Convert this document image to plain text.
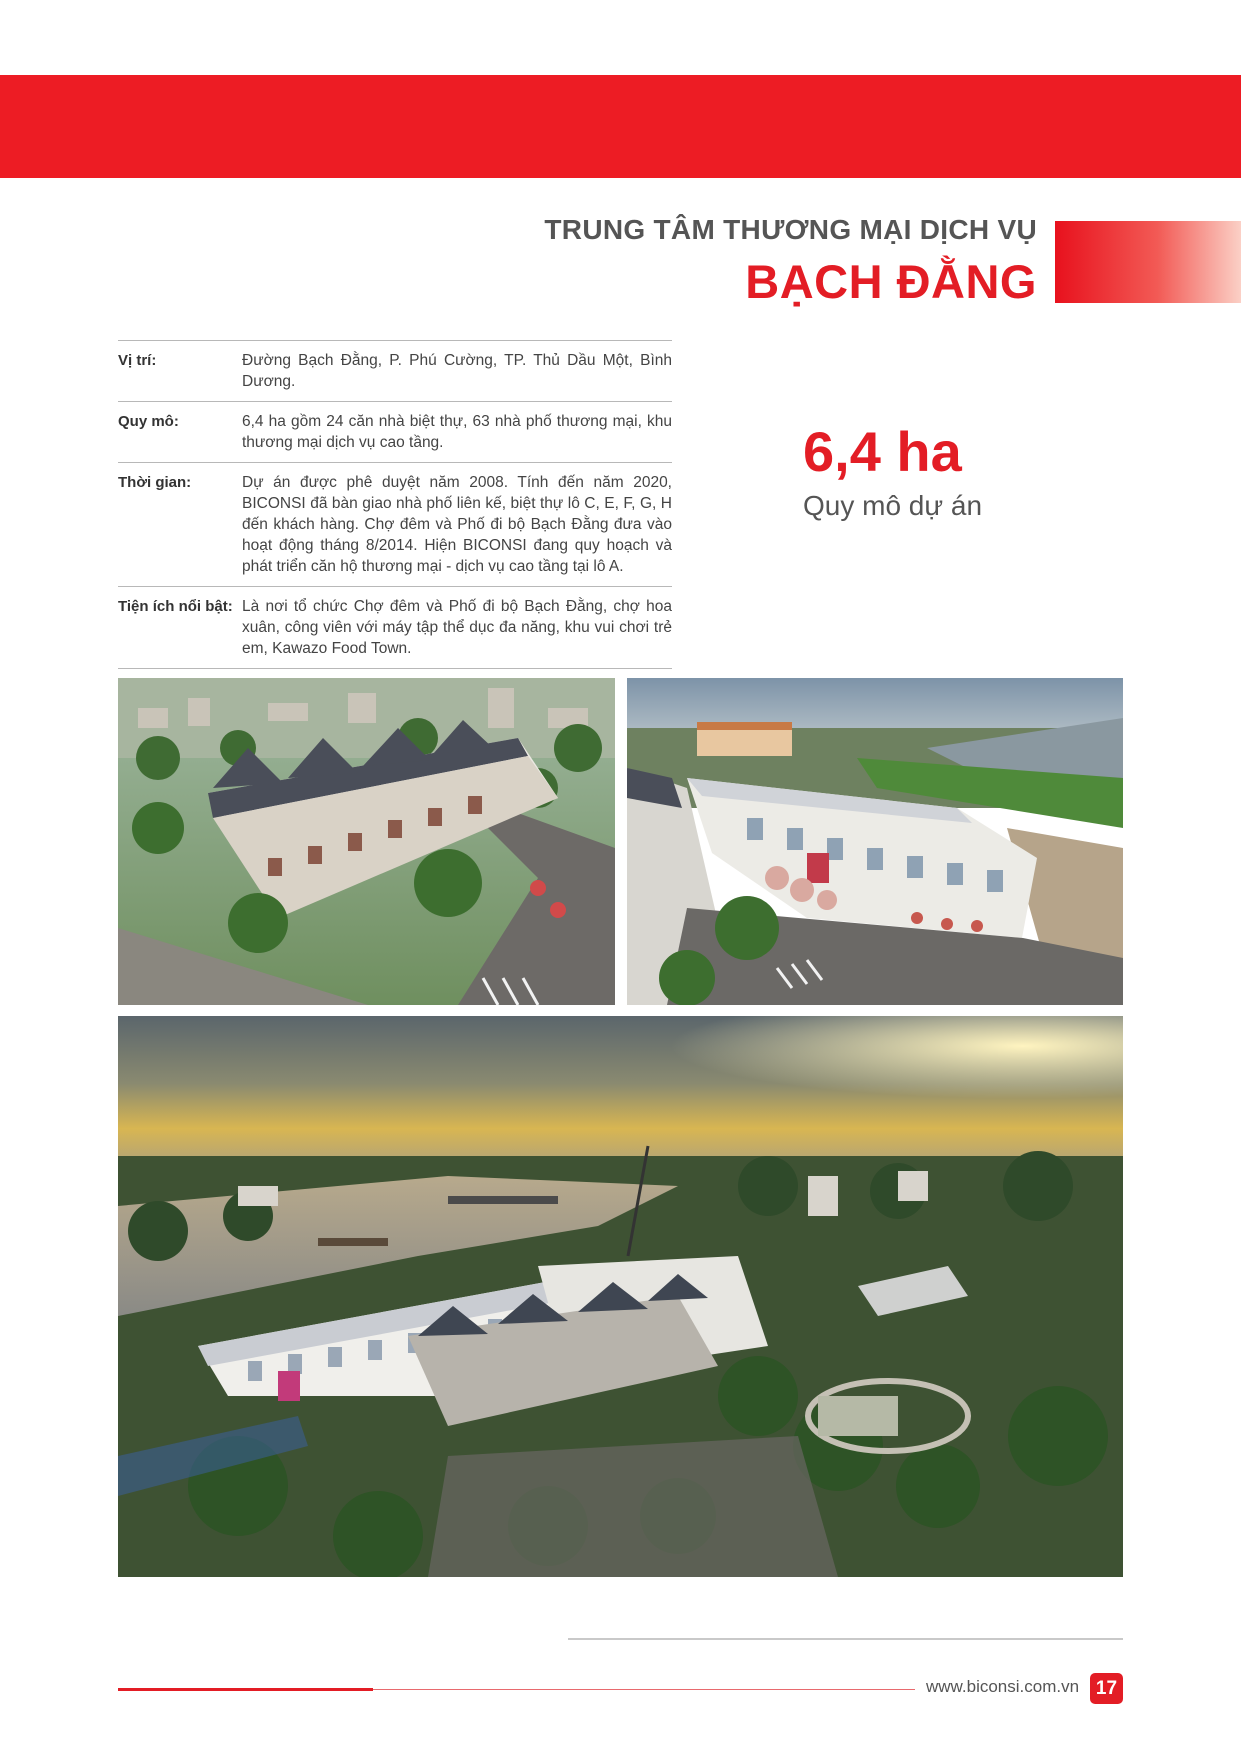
TRUNG TÂM THƯƠNG MẠI DỊCH VỤ
BẠCH ĐẰNG
Vị trí:	Đường Bạch Đằng, P. Phú Cường, TP. Thủ Dầu Một, Bình Dương.
Quy mô:	6,4 ha gồm 24 căn nhà biệt thự, 63 nhà phố thương mại, khu thương mại dịch vụ cao tầng.
Thời gian:	Dự án được phê duyệt năm 2008. Tính đến năm 2020, BICONSI đã bàn giao nhà phố liên kế, biệt thự lô C, E, F, G, H đến khách hàng. Chợ đêm và Phố đi bộ Bạch Đằng đưa vào hoạt động tháng 8/2014. Hiện BICONSI đang quy hoạch và phát triển căn hộ thương mại - dịch vụ cao tầng tại lô A.
Tiện ích nổi bật: Là nơi tổ chức Chợ đêm và Phố đi bộ Bạch Đằng, chợ hoa xuân, công viên với máy tập thể dục đa năng, khu vui chơi trẻ em, Kawazo Food Town.
6,4 ha
Quy mô dự án
www.biconsi.com.vn 17
